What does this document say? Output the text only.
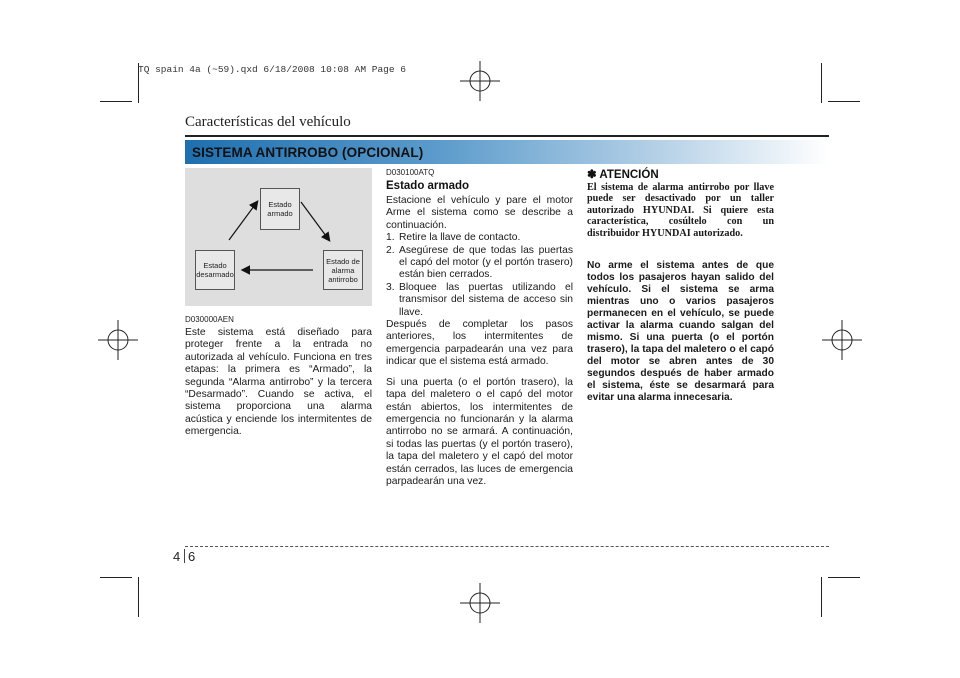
TQ spain 4a (~59).qxd 6/18/2008 10:08 AM Page 6
Características del vehículo
SISTEMA ANTIRROBO (OPCIONAL)
Estado armado
Estado desarmado
Estado de alarma antirrobo
D030000AEN
Este sistema está diseñado para proteger frente a la entrada no autorizada al vehículo. Funciona en tres etapas: la primera es “Armado”, la segunda “Alarma antirrobo” y la tercera “Desarmado”. Cuando se activa, el sistema proporciona una alarma acústica y enciende los intermitentes de emergencia.
D030100ATQ
Estado armado
Estacione el vehículo y pare el motor Arme el sistema como se describe a continuación.
1. Retire la llave de contacto.
2. Asegúrese de que todas las puertas el capó del motor (y el portón trasero) están bien cerrados.
3. Bloquee las puertas utilizando el transmisor del sistema de acceso sin llave.
Después de completar los pasos anteriores, los intermitentes de emergencia parpadearán una vez para indicar que el sistema está armado.
Si una puerta (o el portón trasero), la tapa del maletero o el capó del motor están abiertos, los intermitentes de emergencia no funcionarán y la alarma antirrobo no se armará. A continuación, si todas las puertas (y el portón trasero), la tapa del maletero y el capó del motor están cerrados, las luces de emergencia parpadearán una vez.
✽ ATENCIÓN
El sistema de alarma antirrobo por llave puede ser desactivado por un taller autorizado HYUNDAI. Si quiere esta característica, cosúltelo con un distribuidor HYUNDAI autorizado.
No arme el sistema antes de que todos los pasajeros hayan salido del vehículo. Si el sistema se arma mientras uno o varios pasajeros permanecen en el vehículo, se puede activar la alarma cuando salgan del mismo. Si una puerta (o el portón trasero), la tapa del maletero o el capó del motor se abren antes de 30 segundos después de haber armado el sistema, éste se desarmará para evitar una alarma innecesaria.
4 6
